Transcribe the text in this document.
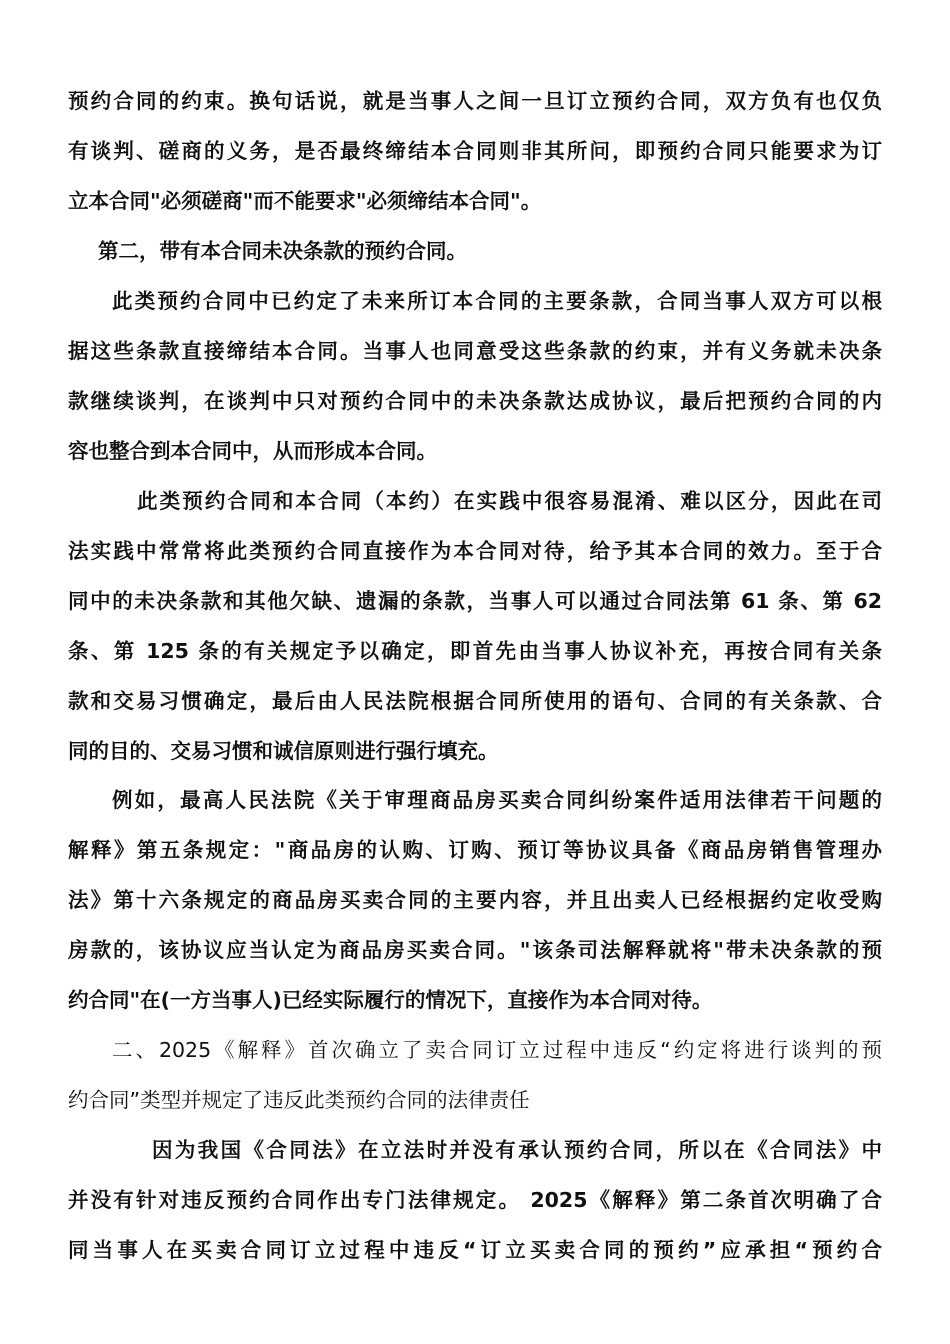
预约合同的约束。换句话说，就是当事人之间一旦订立预约合同，双方负有也仅负
有谈判、磋商的义务，是否最终缔结本合同则非其所问，即预约合同只能要求为订
立本合同"必须磋商"而不能要求"必须缔结本合同"。
第二，带有本合同未决条款的预约合同。
此类预约合同中已约定了未来所订本合同的主要条款，合同当事人双方可以根
据这些条款直接缔结本合同。当事人也同意受这些条款的约束，并有义务就未决条
款继续谈判，在谈判中只对预约合同中的未决条款达成协议，最后把预约合同的内
容也整合到本合同中，从而形成本合同。
此类预约合同和本合同（本约）在实践中很容易混淆、难以区分，因此在司
法实践中常常将此类预约合同直接作为本合同对待，给予其本合同的效力。至于合
同中的未决条款和其他欠缺、遗漏的条款，当事人可以通过合同法第 61 条、第 62
条、第 125 条的有关规定予以确定，即首先由当事人协议补充，再按合同有关条
款和交易习惯确定，最后由人民法院根据合同所使用的语句、合同的有关条款、合
同的目的、交易习惯和诚信原则进行强行填充。
例如，最高人民法院《关于审理商品房买卖合同纠纷案件适用法律若干问题的
解释》第五条规定："商品房的认购、订购、预订等协议具备《商品房销售管理办
法》第十六条规定的商品房买卖合同的主要内容，并且出卖人已经根据约定收受购
房款的，该协议应当认定为商品房买卖合同。"该条司法解释就将"带未决条款的预
约合同"在(一方当事人)已经实际履行的情况下，直接作为本合同对待。
二、2025《解释》首次确立了卖合同订立过程中违反“约定将进行谈判的预
约合同”类型并规定了违反此类预约合同的法律责任
因为我国《合同法》在立法时并没有承认预约合同，所以在《合同法》中
并没有针对违反预约合同作出专门法律规定。 2025《解释》第二条首次明确了合
同当事人在买卖合同订立过程中违反“订立买卖合同的预约”应承担“预约合
